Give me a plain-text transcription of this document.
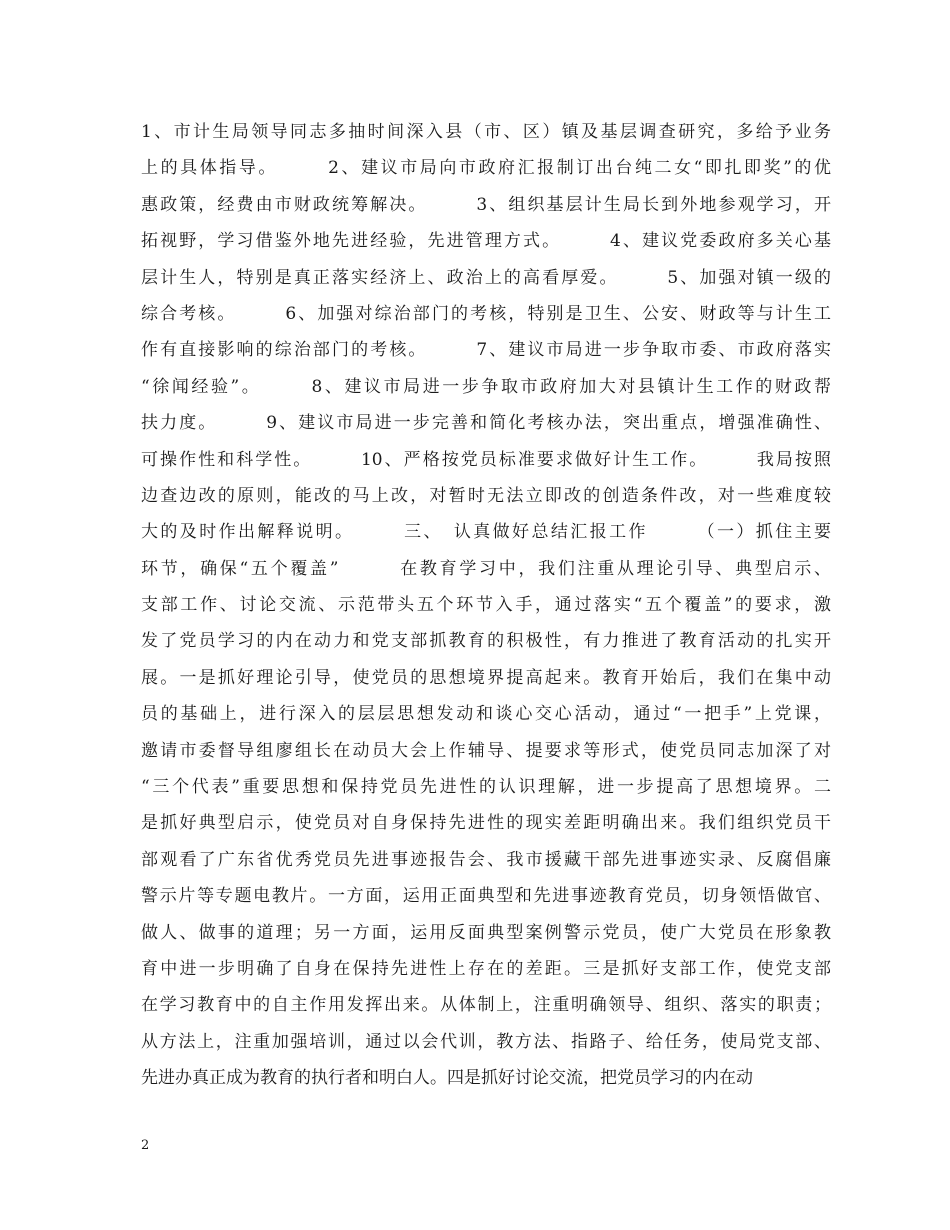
1、市计生局领导同志多抽时间深入县（市、区）镇及基层调查研究，多给予业务
上的具体指导。　　　2、建议市局向市政府汇报制订出台纯二女“即扎即奖”的优
惠政策，经费由市财政统筹解决。　　　3、组织基层计生局长到外地参观学习，开
拓视野，学习借鉴外地先进经验，先进管理方式。　　　4、建议党委政府多关心基
层计生人，特别是真正落实经济上、政治上的高看厚爱。　　　5、加强对镇一级的
综合考核。　　　6、加强对综治部门的考核，特别是卫生、公安、财政等与计生工
作有直接影响的综治部门的考核。　　　7、建议市局进一步争取市委、市政府落实
“徐闻经验”。　　　8、建议市局进一步争取市政府加大对县镇计生工作的财政帮
扶力度。　　　9、建议市局进一步完善和简化考核办法，突出重点，增强准确性、
可操作性和科学性。　　　10、严格按党员标准要求做好计生工作。　　　我局按照
边查边改的原则，能改的马上改，对暂时无法立即改的创造条件改，对一些难度较
大的及时作出解释说明。　　　三、　认真做好总结汇报工作　　　（一）抓住主要
环节，确保“五个覆盖”　　　在教育学习中，我们注重从理论引导、典型启示、
支部工作、讨论交流、示范带头五个环节入手，通过落实“五个覆盖”的要求，激
发了党员学习的内在动力和党支部抓教育的积极性，有力推进了教育活动的扎实开
展。一是抓好理论引导，使党员的思想境界提高起来。教育开始后，我们在集中动
员的基础上，进行深入的层层思想发动和谈心交心活动，通过“一把手”上党课，
邀请市委督导组廖组长在动员大会上作辅导、提要求等形式，使党员同志加深了对
“三个代表”重要思想和保持党员先进性的认识理解，进一步提高了思想境界。二
是抓好典型启示，使党员对自身保持先进性的现实差距明确出来。我们组织党员干
部观看了广东省优秀党员先进事迹报告会、我市援藏干部先进事迹实录、反腐倡廉
警示片等专题电教片。一方面，运用正面典型和先进事迹教育党员，切身领悟做官、
做人、做事的道理；另一方面，运用反面典型案例警示党员，使广大党员在形象教
育中进一步明确了自身在保持先进性上存在的差距。三是抓好支部工作，使党支部
在学习教育中的自主作用发挥出来。从体制上，注重明确领导、组织、落实的职责；
从方法上，注重加强培训，通过以会代训，教方法、指路子、给任务，使局党支部、
先进办真正成为教育的执行者和明白人。四是抓好讨论交流，把党员学习的内在动
2
